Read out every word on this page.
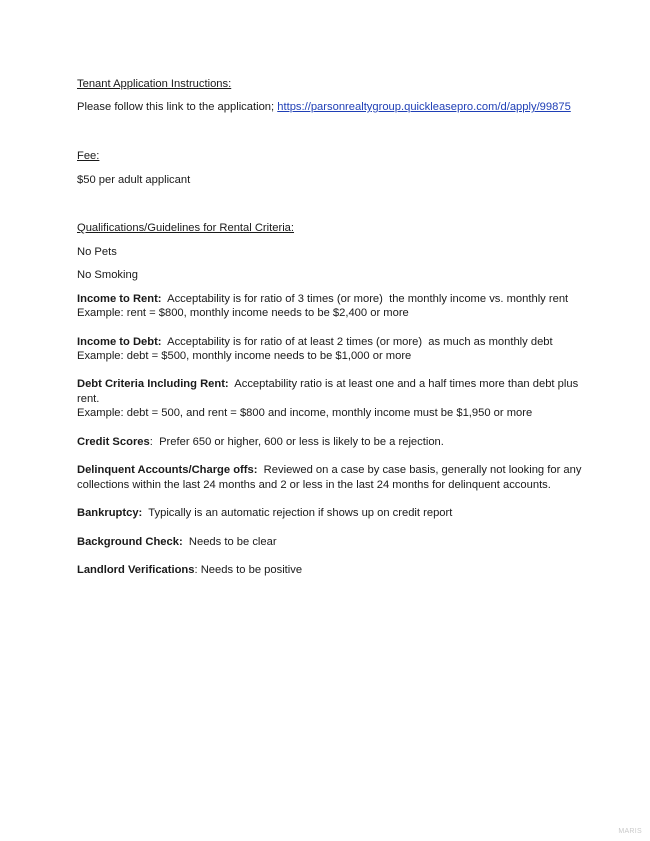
Tenant Application Instructions:
Please follow this link to the application; https://parsonrealtygroup.quickleasepro.com/d/apply/99875
Fee:
$50 per adult applicant
Qualifications/Guidelines for Rental Criteria:
No Pets
No Smoking
Income to Rent:  Acceptability is for ratio of 3 times (or more)  the monthly income vs. monthly rent
Example: rent = $800, monthly income needs to be $2,400 or more
Income to Debt:  Acceptability is for ratio of at least 2 times (or more)  as much as monthly debt
Example: debt = $500, monthly income needs to be $1,000 or more
Debt Criteria Including Rent:  Acceptability ratio is at least one and a half times more than debt plus
rent.
Example: debt = 500, and rent = $800 and income, monthly income must be $1,950 or more
Credit Scores:  Prefer 650 or higher, 600 or less is likely to be a rejection.
Delinquent Accounts/Charge offs:  Reviewed on a case by case basis, generally not looking for any
collections within the last 24 months and 2 or less in the last 24 months for delinquent accounts.
Bankruptcy:  Typically is an automatic rejection if shows up on credit report
Background Check:  Needs to be clear
Landlord Verifications: Needs to be positive
MARIS
